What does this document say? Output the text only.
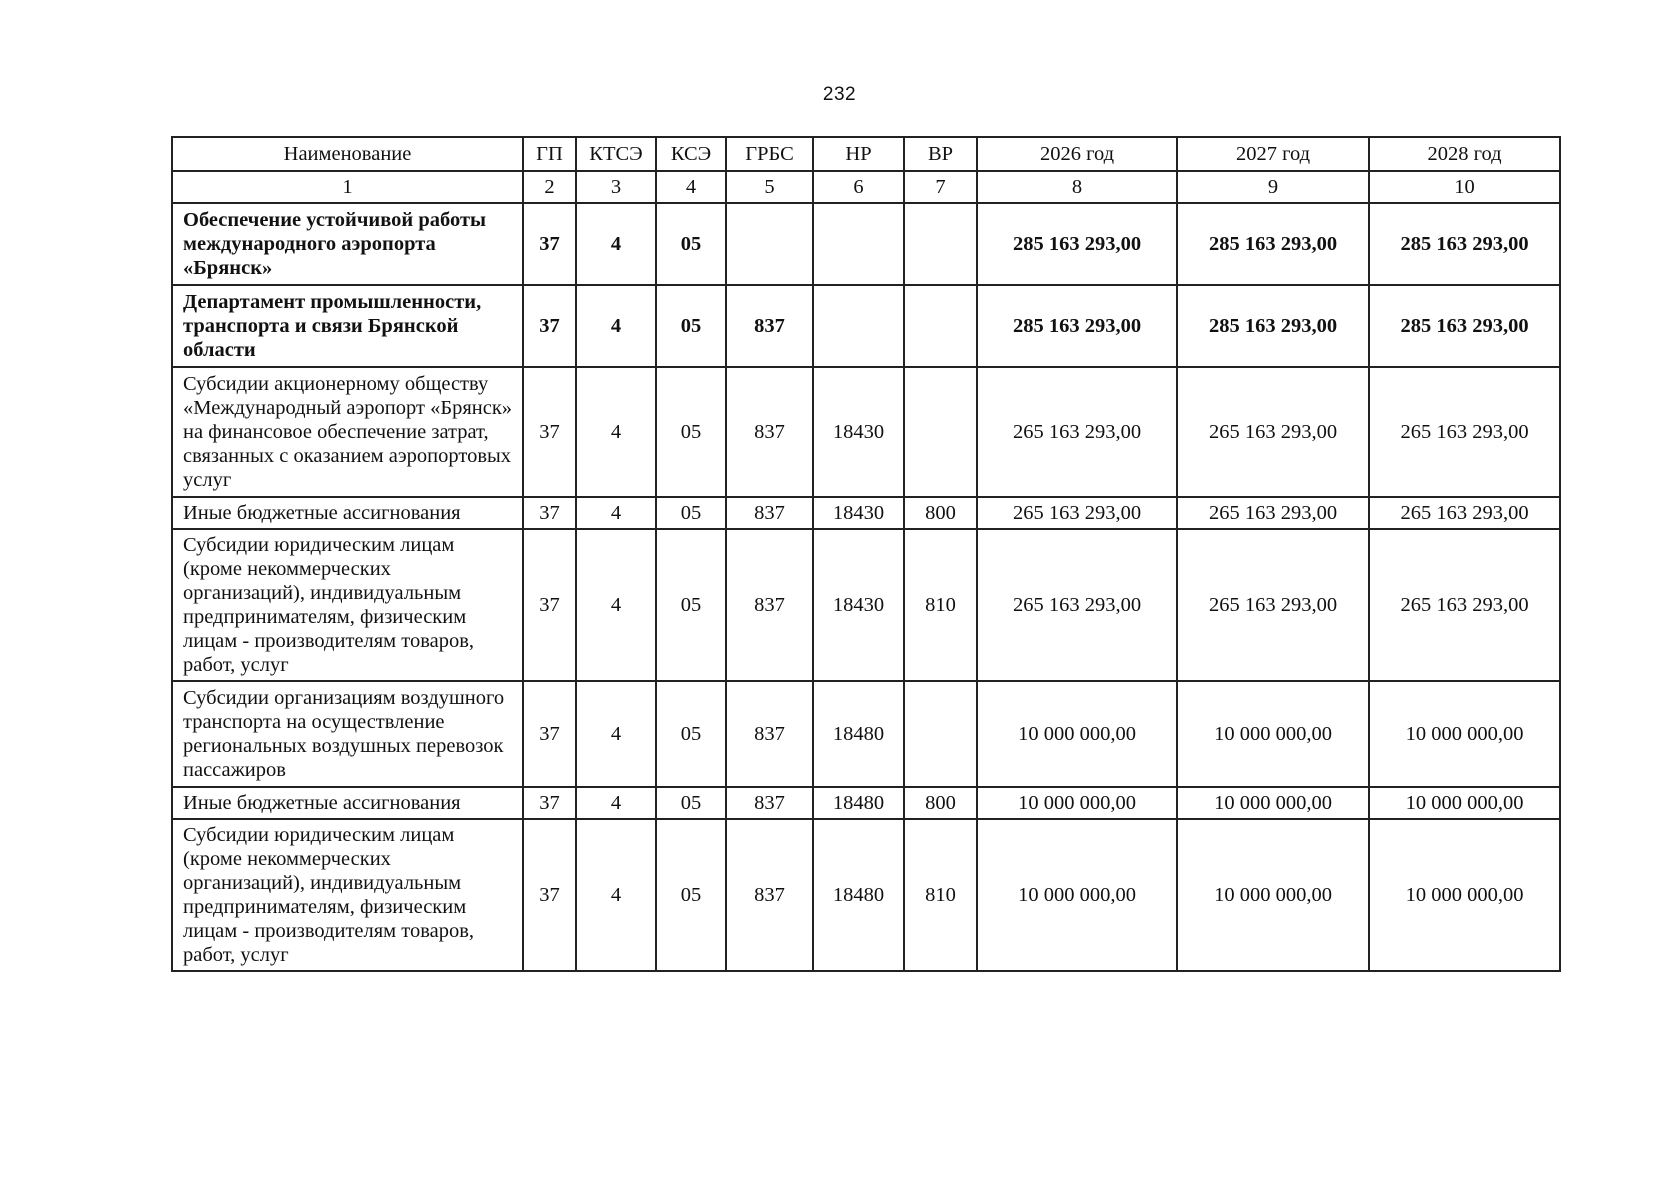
232
Наименование	ГП	КТСЭ	КСЭ	ГРБС	НР	ВР	2026 год	2027 год	2028 год
1	2	3	4	5	6	7	8	9	10
Обеспечение устойчивой работы международного аэропорта «Брянск»	37	4	05				285 163 293,00	285 163 293,00	285 163 293,00
Департамент промышленности, транспорта и связи Брянской области	37	4	05	837			285 163 293,00	285 163 293,00	285 163 293,00
Субсидии акционерному обществу «Международный аэропорт «Брянск» на финансовое обеспечение затрат, связанных с оказанием аэропортовых услуг	37	4	05	837	18430		265 163 293,00	265 163 293,00	265 163 293,00
Иные бюджетные ассигнования	37	4	05	837	18430	800	265 163 293,00	265 163 293,00	265 163 293,00
Субсидии юридическим лицам (кроме некоммерческих организаций), индивидуальным предпринимателям, физическим лицам - производителям товаров, работ, услуг	37	4	05	837	18430	810	265 163 293,00	265 163 293,00	265 163 293,00
Субсидии организациям воздушного транспорта на осуществление региональных воздушных перевозок пассажиров	37	4	05	837	18480		10 000 000,00	10 000 000,00	10 000 000,00
Иные бюджетные ассигнования	37	4	05	837	18480	800	10 000 000,00	10 000 000,00	10 000 000,00
Субсидии юридическим лицам (кроме некоммерческих организаций), индивидуальным предпринимателям, физическим лицам - производителям товаров, работ, услуг	37	4	05	837	18480	810	10 000 000,00	10 000 000,00	10 000 000,00
